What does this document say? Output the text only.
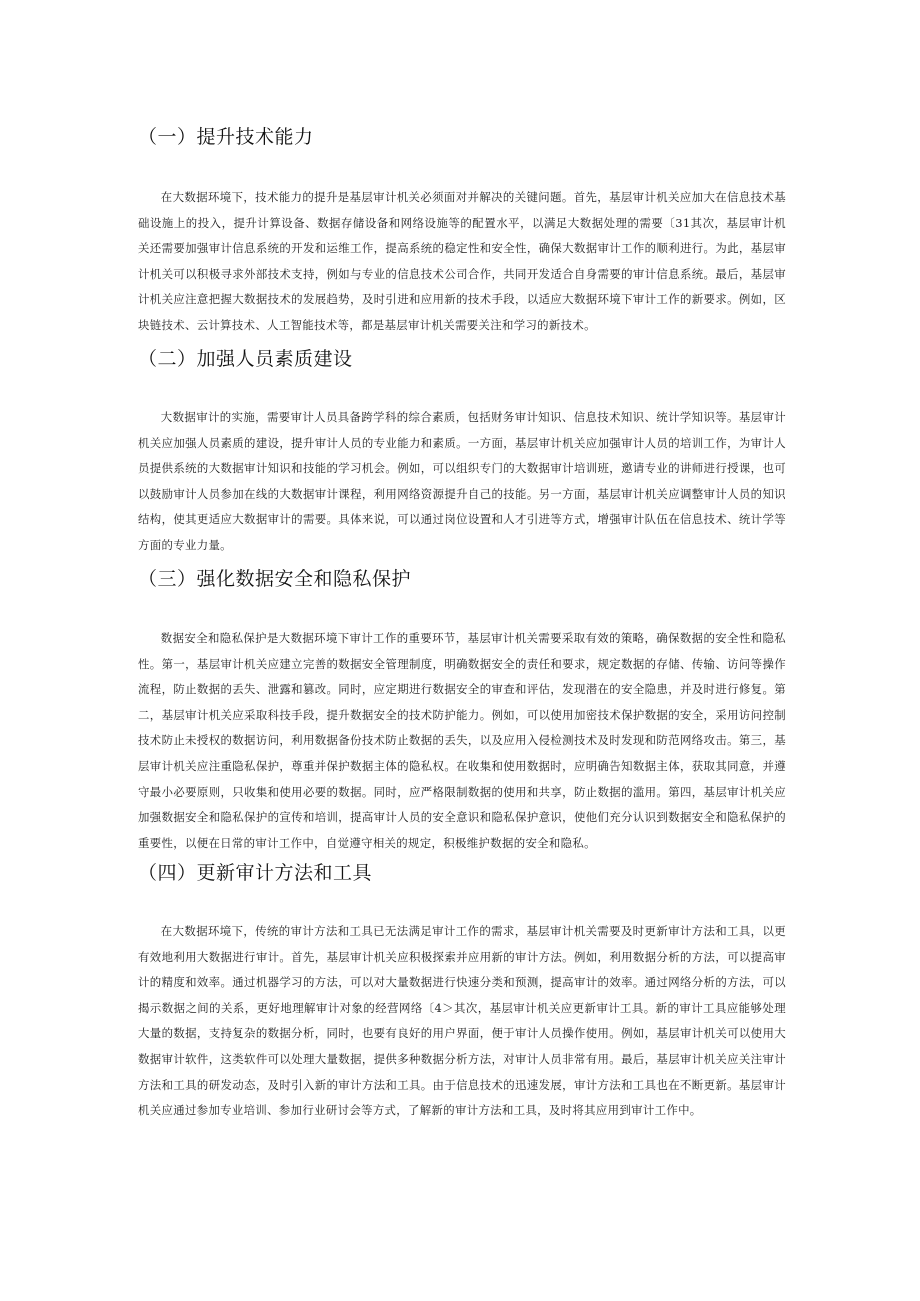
（一）提升技术能力

在大数据环境下，技术能力的提升是基层审计机关必须面对并解决的关键问题。首先，基层审计机关应加大在信息技术基础设施上的投入，提升计算设备、数据存储设备和网络设施等的配置水平，以满足大数据处理的需要〔31其次，基层审计机关还需要加强审计信息系统的开发和运维工作，提高系统的稳定性和安全性，确保大数据审计工作的顺利进行。为此，基层审计机关可以积极寻求外部技术支持，例如与专业的信息技术公司合作，共同开发适合自身需要的审计信息系统。最后，基层审计机关应注意把握大数据技术的发展趋势，及时引进和应用新的技术手段，以适应大数据环境下审计工作的新要求。例如，区块链技术、云计算技术、人工智能技术等，都是基层审计机关需要关注和学习的新技术。

（二）加强人员素质建设

大数据审计的实施，需要审计人员具备跨学科的综合素质，包括财务审计知识、信息技术知识、统计学知识等。基层审计机关应加强人员素质的建设，提升审计人员的专业能力和素质。一方面，基层审计机关应加强审计人员的培训工作，为审计人员提供系统的大数据审计知识和技能的学习机会。例如，可以组织专门的大数据审计培训班，邀请专业的讲师进行授课，也可以鼓励审计人员参加在线的大数据审计课程，利用网络资源提升自己的技能。另一方面，基层审计机关应调整审计人员的知识结构，使其更适应大数据审计的需要。具体来说，可以通过岗位设置和人才引进等方式，增强审计队伍在信息技术、统计学等方面的专业力量。

（三）强化数据安全和隐私保护

数据安全和隐私保护是大数据环境下审计工作的重要环节，基层审计机关需要采取有效的策略，确保数据的安全性和隐私性。第一，基层审计机关应建立完善的数据安全管理制度，明确数据安全的责任和要求，规定数据的存储、传输、访问等操作流程，防止数据的丢失、泄露和篡改。同时，应定期进行数据安全的审查和评估，发现潜在的安全隐患，并及时进行修复。第二，基层审计机关应采取科技手段，提升数据安全的技术防护能力。例如，可以使用加密技术保护数据的安全，采用访问控制技术防止未授权的数据访问，利用数据备份技术防止数据的丢失，以及应用入侵检测技术及时发现和防范网络攻击。第三，基层审计机关应注重隐私保护，尊重并保护数据主体的隐私权。在收集和使用数据时，应明确告知数据主体，获取其同意，并遵守最小必要原则，只收集和使用必要的数据。同时，应严格限制数据的使用和共享，防止数据的滥用。第四，基层审计机关应加强数据安全和隐私保护的宣传和培训，提高审计人员的安全意识和隐私保护意识，使他们充分认识到数据安全和隐私保护的重要性，以便在日常的审计工作中，自觉遵守相关的规定，积极维护数据的安全和隐私。

（四）更新审计方法和工具

在大数据环境下，传统的审计方法和工具已无法满足审计工作的需求，基层审计机关需要及时更新审计方法和工具，以更有效地利用大数据进行审计。首先，基层审计机关应积极探索并应用新的审计方法。例如，利用数据分析的方法，可以提高审计的精度和效率。通过机器学习的方法，可以对大量数据进行快速分类和预测，提高审计的效率。通过网络分析的方法，可以揭示数据之间的关系，更好地理解审计对象的经营网络〔4＞其次，基层审计机关应更新审计工具。新的审计工具应能够处理大量的数据，支持复杂的数据分析，同时，也要有良好的用户界面，便于审计人员操作使用。例如，基层审计机关可以使用大数据审计软件，这类软件可以处理大量数据，提供多种数据分析方法，对审计人员非常有用。最后，基层审计机关应关注审计方法和工具的研发动态，及时引入新的审计方法和工具。由于信息技术的迅速发展，审计方法和工具也在不断更新。基层审计机关应通过参加专业培训、参加行业研讨会等方式，了解新的审计方法和工具，及时将其应用到审计工作中。
